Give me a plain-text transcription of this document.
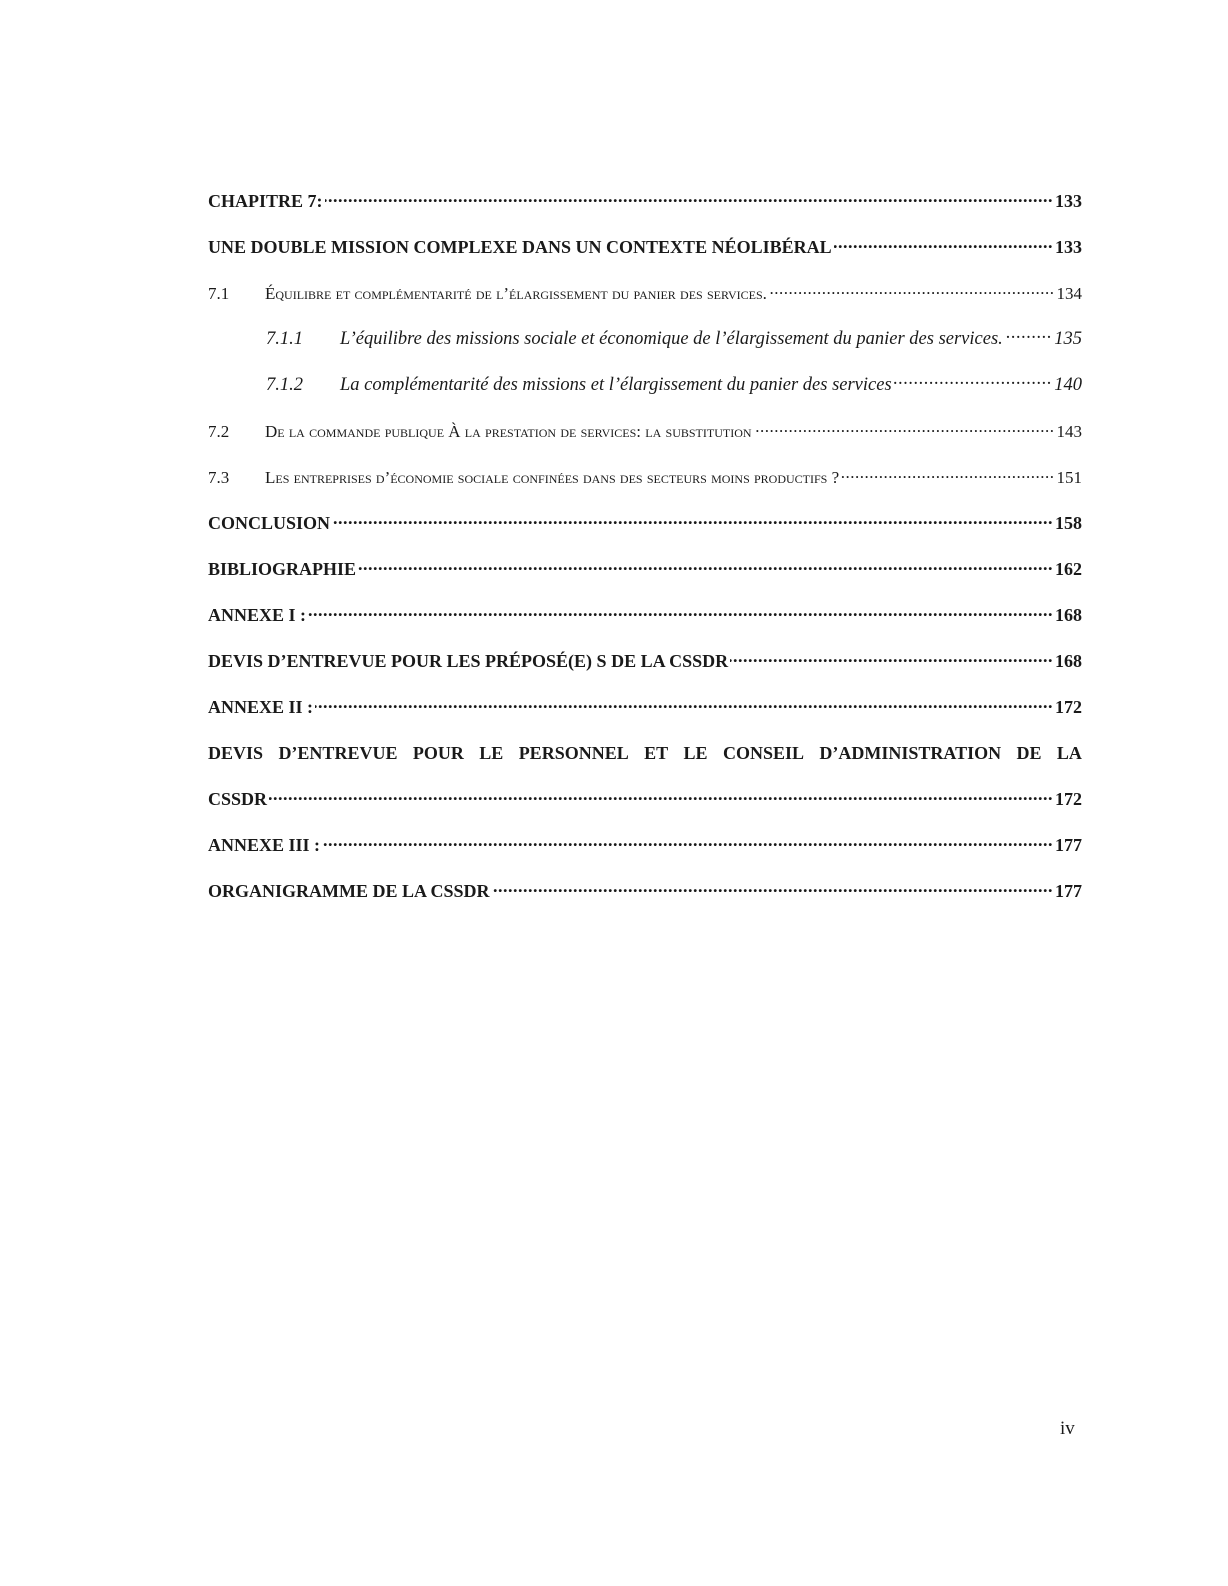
CHAPITRE 7: .....	133
UNE DOUBLE MISSION COMPLEXE DANS UN CONTEXTE NÉOLIBÉRAL .....	133
7.1 Équilibre et complémentarité de l’élargissement du panier des services. .....	134
7.1.1 L’équilibre des missions sociale et économique de l’élargissement du panier des services. .....	135
7.1.2 La complémentarité des missions et l’élargissement du panier des services .....	140
7.2 De la commande publique À la prestation de services: la substitution .....	143
7.3 Les entreprises d’économie sociale confinées dans des secteurs moins productifs ? .....	151
CONCLUSION .....	158
BIBLIOGRAPHIE .....	162
ANNEXE I : .....	168
DEVIS D’ENTREVUE POUR LES PRÉPOSÉ(E) S DE LA CSSDR .....	168
ANNEXE II : .....	172
DEVIS D’ENTREVUE POUR LE PERSONNEL ET LE CONSEIL D’ADMINISTRATION DE LA
CSSDR .....	172
ANNEXE III : .....	177
ORGANIGRAMME DE LA CSSDR .....	177
iv
